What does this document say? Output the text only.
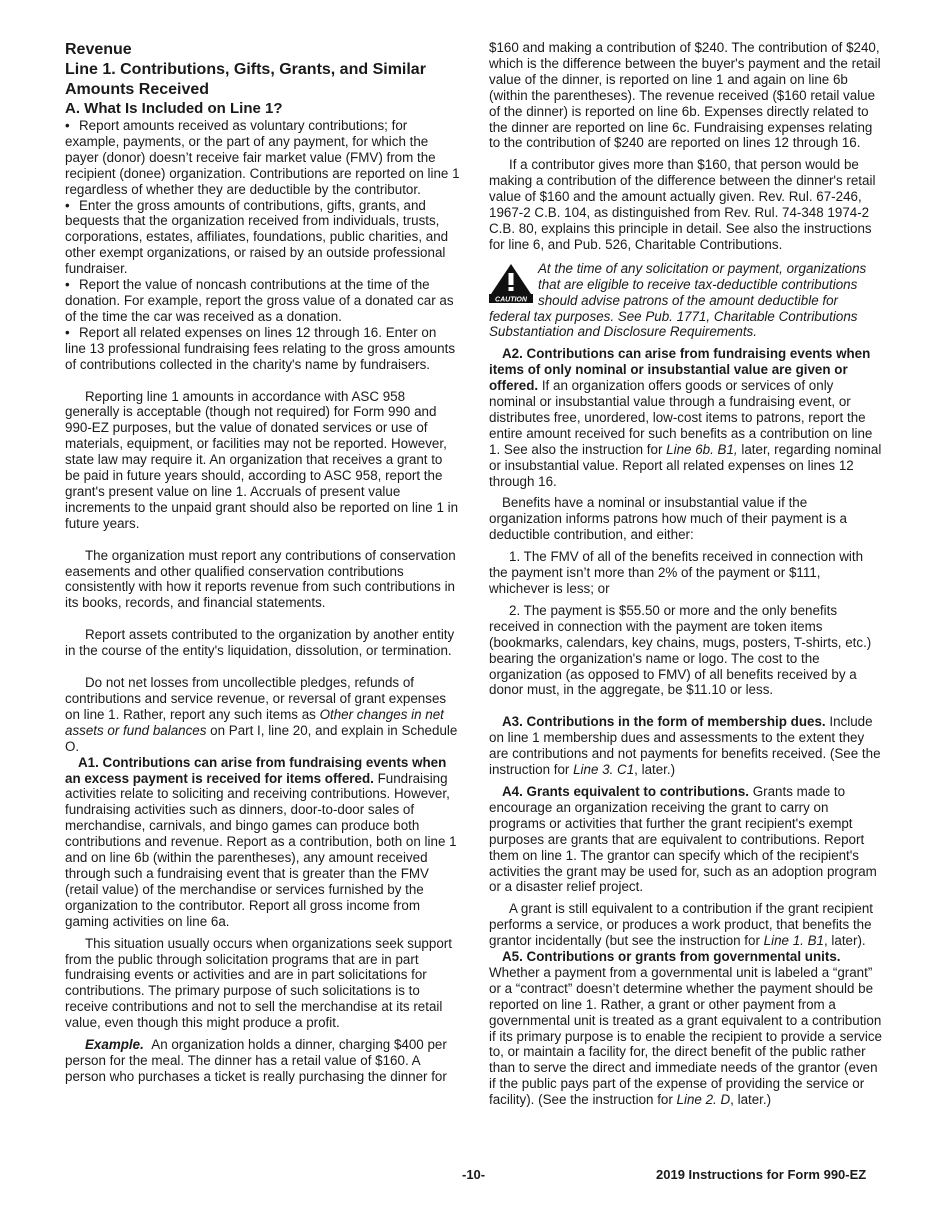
Revenue

Line 1. Contributions, Gifts, Grants, and Similar Amounts Received

A. What Is Included on Line 1?

• Report amounts received as voluntary contributions; for example, payments, or the part of any payment, for which the payer (donor) doesn’t receive fair market value (FMV) from the recipient (donee) organization. Contributions are reported on line 1 regardless of whether they are deductible by the contributor.

• Enter the gross amounts of contributions, gifts, grants, and bequests that the organization received from individuals, trusts, corporations, estates, affiliates, foundations, public charities, and other exempt organizations, or raised by an outside professional fundraiser.

• Report the value of noncash contributions at the time of the donation. For example, report the gross value of a donated car as of the time the car was received as a donation.

• Report all related expenses on lines 12 through 16. Enter on line 13 professional fundraising fees relating to the gross amounts of contributions collected in the charity's name by fundraisers.

Reporting line 1 amounts in accordance with ASC 958 generally is acceptable (though not required) for Form 990 and 990-EZ purposes, but the value of donated services or use of materials, equipment, or facilities may not be reported. However, state law may require it. An organization that receives a grant to be paid in future years should, according to ASC 958, report the grant's present value on line 1. Accruals of present value increments to the unpaid grant should also be reported on line 1 in future years.

The organization must report any contributions of conservation easements and other qualified conservation contributions consistently with how it reports revenue from such contributions in its books, records, and financial statements.

Report assets contributed to the organization by another entity in the course of the entity's liquidation, dissolution, or termination.

Do not net losses from uncollectible pledges, refunds of contributions and service revenue, or reversal of grant expenses on line 1. Rather, report any such items as Other changes in net assets or fund balances on Part I, line 20, and explain in Schedule O.

A1. Contributions can arise from fundraising events when an excess payment is received for items offered. Fundraising activities relate to soliciting and receiving contributions. However, fundraising activities such as dinners, door-to-door sales of merchandise, carnivals, and bingo games can produce both contributions and revenue. Report as a contribution, both on line 1 and on line 6b (within the parentheses), any amount received through such a fundraising event that is greater than the FMV (retail value) of the merchandise or services furnished by the organization to the contributor. Report all gross income from gaming activities on line 6a.

This situation usually occurs when organizations seek support from the public through solicitation programs that are in part fundraising events or activities and are in part solicitations for contributions. The primary purpose of such solicitations is to receive contributions and not to sell the merchandise at its retail value, even though this might produce a profit.

Example. An organization holds a dinner, charging $400 per person for the meal. The dinner has a retail value of $160. A person who purchases a ticket is really purchasing the dinner for

$160 and making a contribution of $240. The contribution of $240, which is the difference between the buyer's payment and the retail value of the dinner, is reported on line 1 and again on line 6b (within the parentheses). The revenue received ($160 retail value of the dinner) is reported on line 6b. Expenses directly related to the dinner are reported on line 6c. Fundraising expenses relating to the contribution of $240 are reported on lines 12 through 16.

If a contributor gives more than $160, that person would be making a contribution of the difference between the dinner's retail value of $160 and the amount actually given. Rev. Rul. 67-246, 1967-2 C.B. 104, as distinguished from Rev. Rul. 74-348 1974-2 C.B. 80, explains this principle in detail. See also the instructions for line 6, and Pub. 526, Charitable Contributions.

CAUTION
At the time of any solicitation or payment, organizations that are eligible to receive tax-deductible contributions should advise patrons of the amount deductible for federal tax purposes. See Pub. 1771, Charitable Contributions Substantiation and Disclosure Requirements.

A2. Contributions can arise from fundraising events when items of only nominal or insubstantial value are given or offered. If an organization offers goods or services of only nominal or insubstantial value through a fundraising event, or distributes free, unordered, low-cost items to patrons, report the entire amount received for such benefits as a contribution on line 1. See also the instruction for Line 6b. B1, later, regarding nominal or insubstantial value. Report all related expenses on lines 12 through 16.

Benefits have a nominal or insubstantial value if the organization informs patrons how much of their payment is a deductible contribution, and either:

1. The FMV of all of the benefits received in connection with the payment isn’t more than 2% of the payment or $111, whichever is less; or

2. The payment is $55.50 or more and the only benefits received in connection with the payment are token items (bookmarks, calendars, key chains, mugs, posters, T-shirts, etc.) bearing the organization's name or logo. The cost to the organization (as opposed to FMV) of all benefits received by a donor must, in the aggregate, be $11.10 or less.

A3. Contributions in the form of membership dues. Include on line 1 membership dues and assessments to the extent they are contributions and not payments for benefits received. (See the instruction for Line 3. C1, later.)

A4. Grants equivalent to contributions. Grants made to encourage an organization receiving the grant to carry on programs or activities that further the grant recipient's exempt purposes are grants that are equivalent to contributions. Report them on line 1. The grantor can specify which of the recipient's activities the grant may be used for, such as an adoption program or a disaster relief project.

A grant is still equivalent to a contribution if the grant recipient performs a service, or produces a work product, that benefits the grantor incidentally (but see the instruction for Line 1. B1, later).

A5. Contributions or grants from governmental units. Whether a payment from a governmental unit is labeled a “grant” or a “contract” doesn’t determine whether the payment should be reported on line 1. Rather, a grant or other payment from a governmental unit is treated as a grant equivalent to a contribution if its primary purpose is to enable the recipient to provide a service to, or maintain a facility for, the direct benefit of the public rather than to serve the direct and immediate needs of the grantor (even if the public pays part of the expense of providing the service or facility). (See the instruction for Line 2. D, later.)

-10-	2019 Instructions for Form 990-EZ
